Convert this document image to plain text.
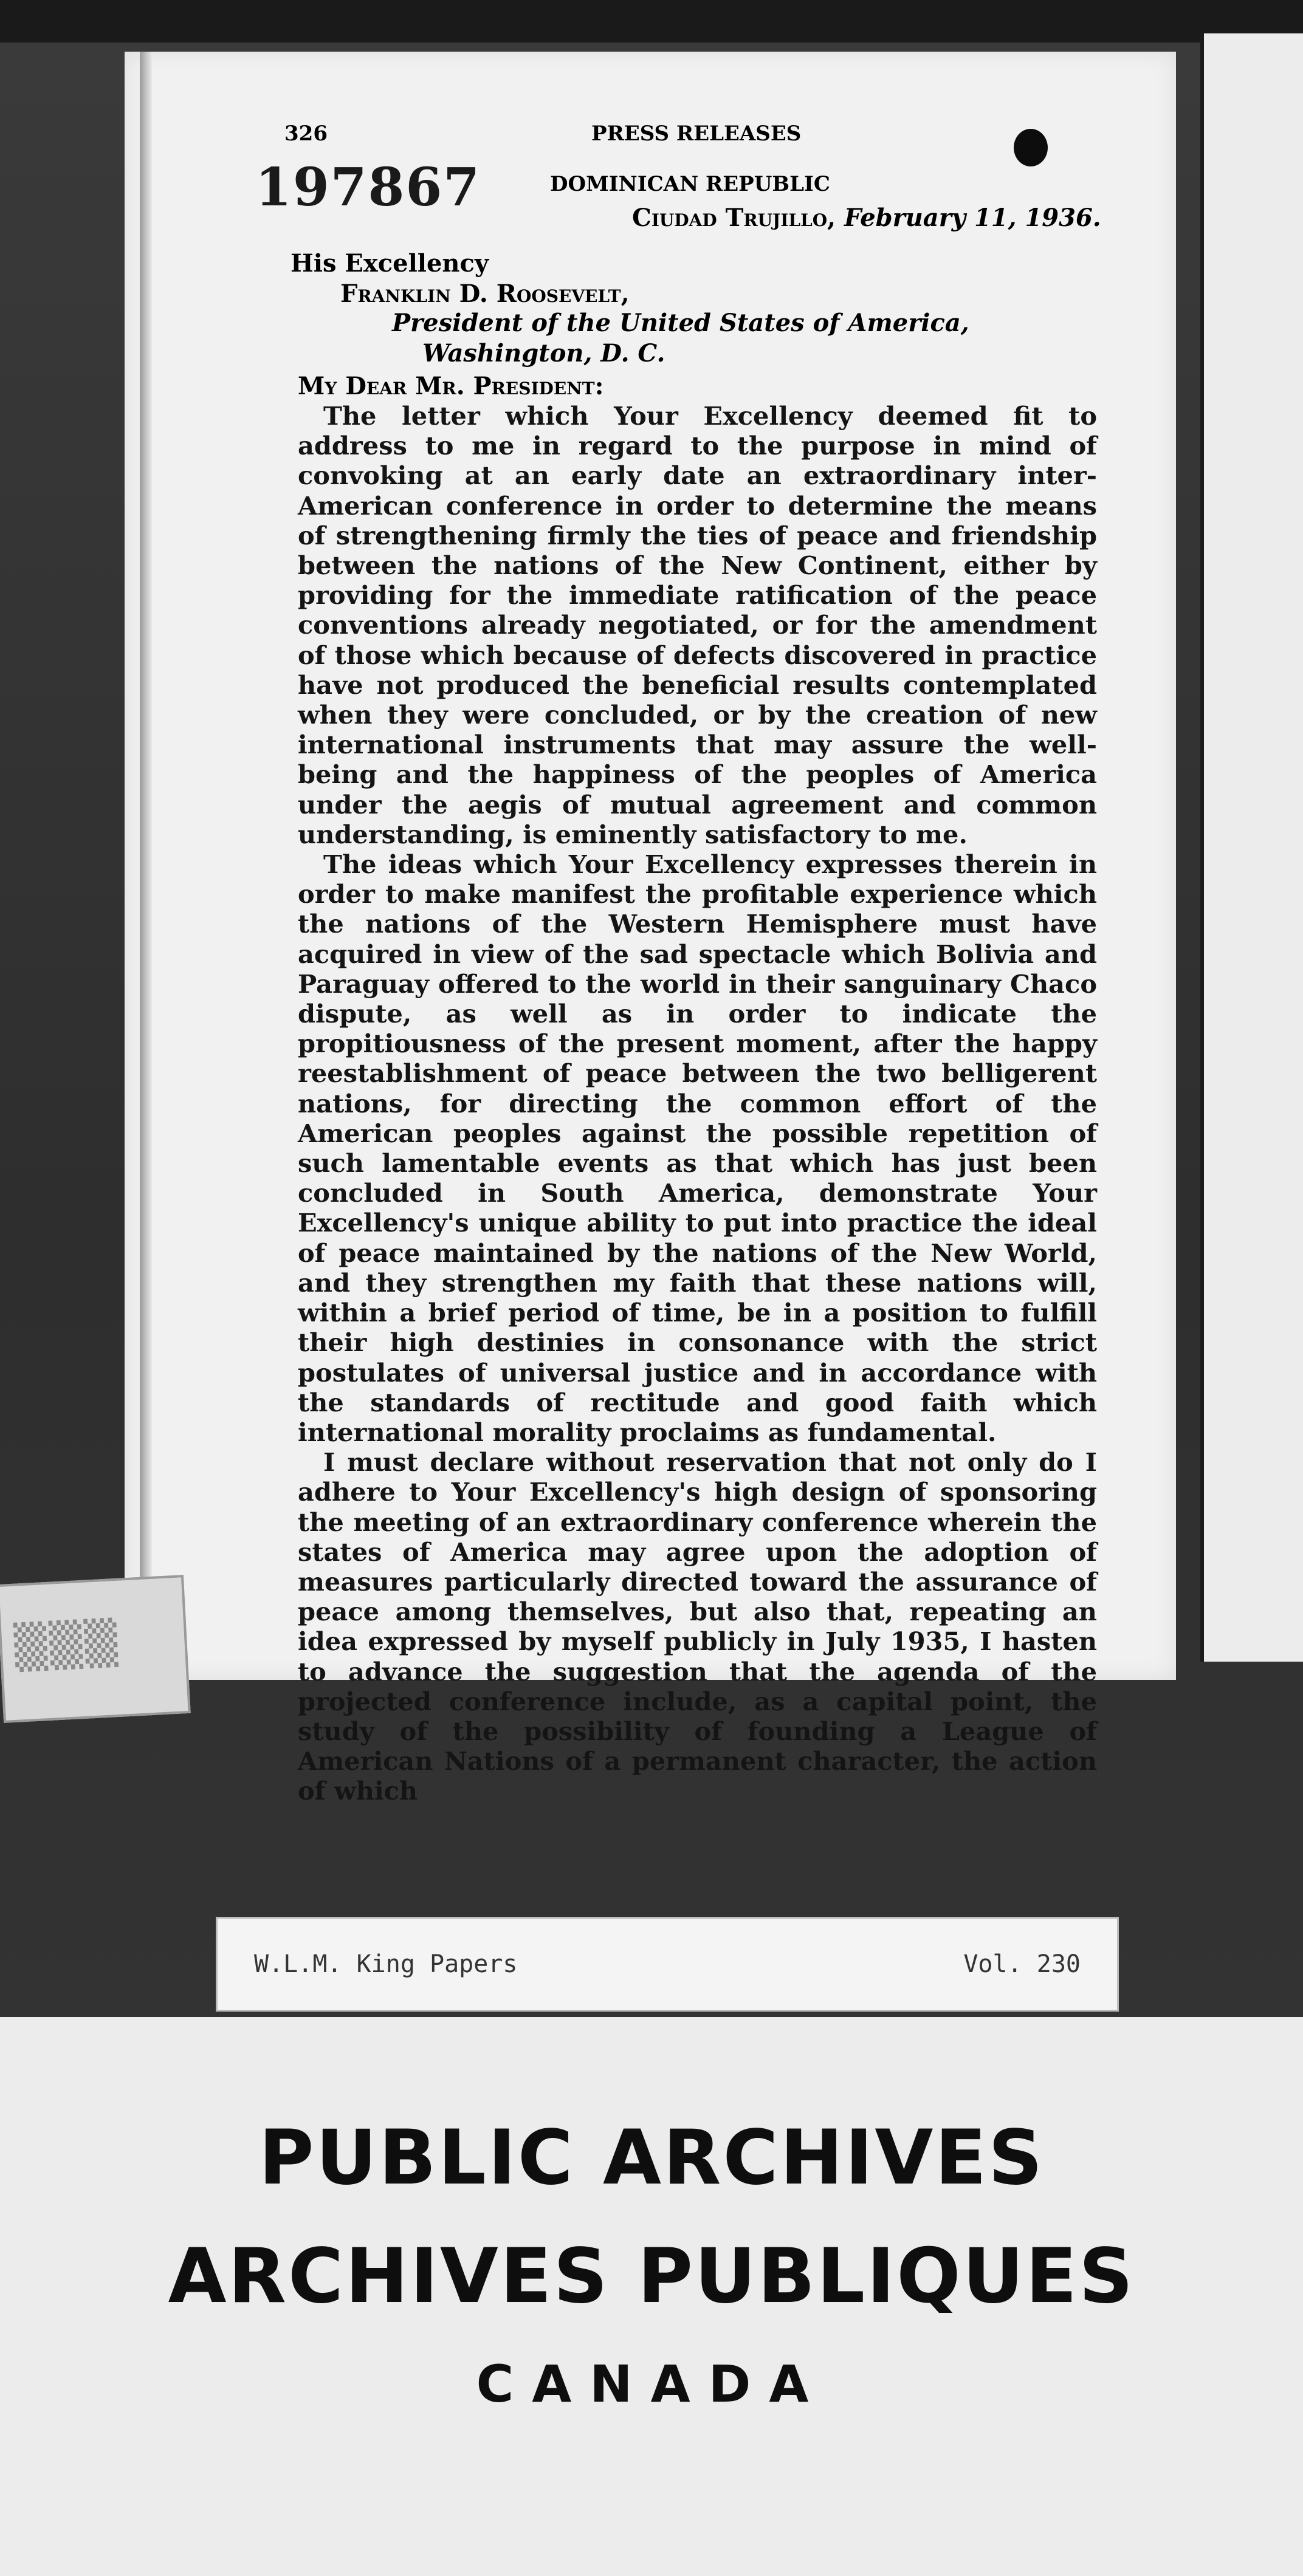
▒▒▒
326	PRESS RELEASES
197867	DOMINICAN REPUBLIC
Ciudad Trujillo, February 11, 1936.
His Excellency
Franklin D. Roosevelt,
President of the United States of America,
Washington, D. C.
My Dear Mr. President:

The letter which Your Excellency deemed fit to address to me in regard to the purpose in mind of convoking at an early date an extraordinary inter-American conference in order to determine the means of strengthening firmly the ties of peace and friendship between the nations of the New Continent, either by providing for the immediate ratification of the peace conventions already negotiated, or for the amendment of those which because of defects discovered in practice have not produced the beneficial results contemplated when they were concluded, or by the creation of new international instruments that may assure the well-being and the happiness of the peoples of America under the aegis of mutual agreement and common understanding, is eminently satisfactory to me.

The ideas which Your Excellency expresses therein in order to make manifest the profitable experience which the nations of the Western Hemisphere must have acquired in view of the sad spectacle which Bolivia and Paraguay offered to the world in their sanguinary Chaco dispute, as well as in order to indicate the propitiousness of the present moment, after the happy reestablishment of peace between the two belligerent nations, for directing the common effort of the American peoples against the possible repetition of such lamentable events as that which has just been concluded in South America, demonstrate Your Excellency's unique ability to put into practice the ideal of peace maintained by the nations of the New World, and they strengthen my faith that these nations will, within a brief period of time, be in a position to fulfill their high destinies in consonance with the strict postulates of universal justice and in accordance with the standards of rectitude and good faith which international morality proclaims as fundamental.

I must declare without reservation that not only do I adhere to Your Excellency's high design of sponsoring the meeting of an extraordinary conference wherein the states of America may agree upon the adoption of measures particularly directed toward the assurance of peace among themselves, but also that, repeating an idea expressed by myself publicly in July 1935, I hasten to advance the suggestion that the agenda of the projected conference include, as a capital point, the study of the possibility of founding a League of American Nations of a permanent character, the action of which

W.L.M. King Papers	Vol. 230
PUBLIC ARCHIVES
ARCHIVES PUBLIQUES
CANADA
